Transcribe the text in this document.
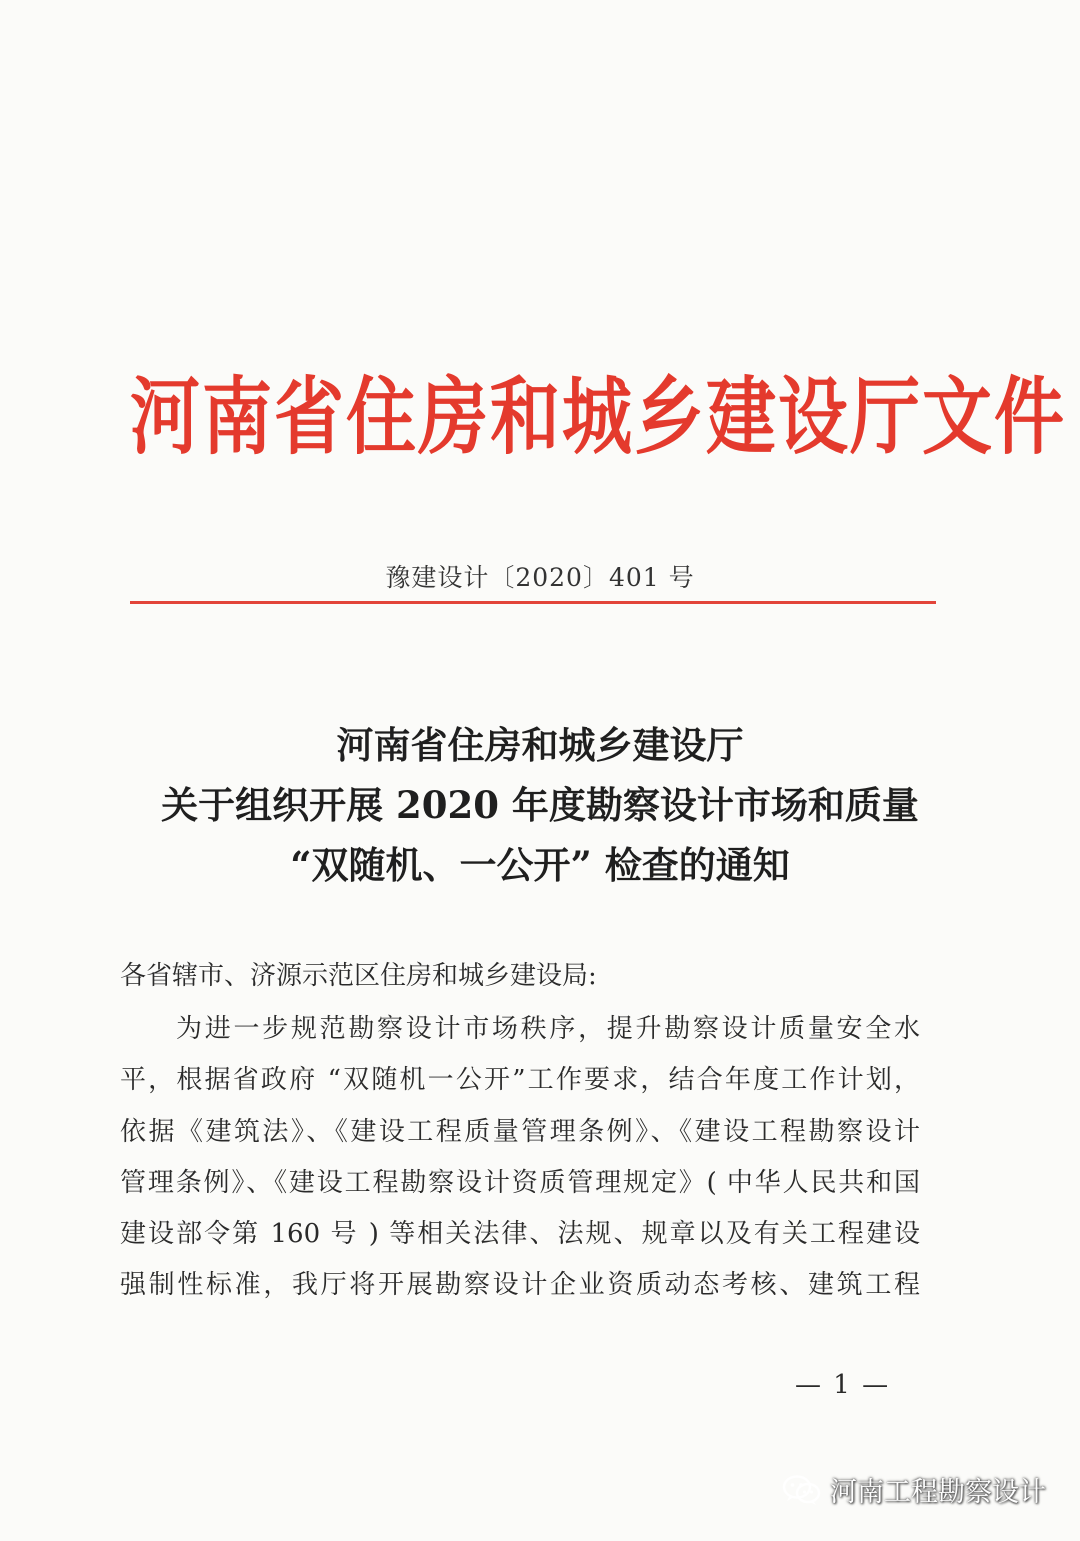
河南省住房和城乡建设厅文件
豫建设计〔2020〕401 号
河南省住房和城乡建设厅
关于组织开展 2020 年度勘察设计市场和质量
“双随机、一公开” 检查的通知
各省辖市、济源示范区住房和城乡建设局:
为进一步规范勘察设计市场秩序，提升勘察设计质量安全水
平，根据省政府 “双随机一公开”工作要求，结合年度工作计划，
依据《建筑法》、《建设工程质量管理条例》、《建设工程勘察设计
管理条例》、《建设工程勘察设计资质管理规定》( 中华人民共和国
建设部令第 160 号 ) 等相关法律、法规、规章以及有关工程建设
强制性标准，我厅将开展勘察设计企业资质动态考核、建筑工程
— 1 —
河南工程勘察设计
